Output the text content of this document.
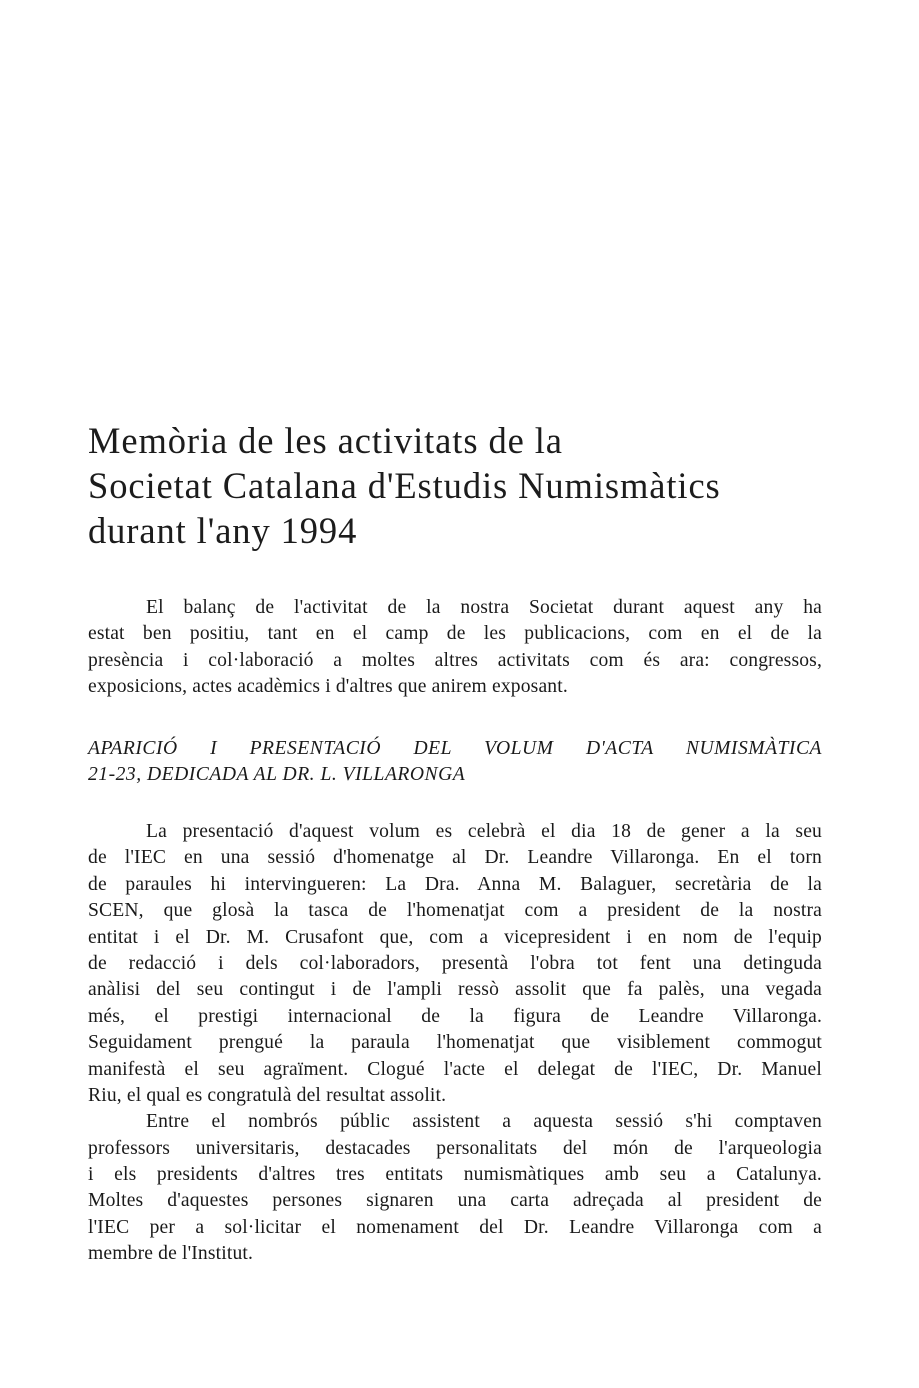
Memòria de les activitats de la
Societat Catalana d'Estudis Numismàtics
durant l'any 1994
El balanç de l'activitat de la nostra Societat durant aquest any ha
estat ben positiu, tant en el camp de les publicacions, com en el de la
presència i col·laboració a moltes altres activitats com és ara: congressos,
exposicions, actes acadèmics i d'altres que anirem exposant.
APARICIÓ I PRESENTACIÓ DEL VOLUM D'ACTA NUMISMÀTICA
21-23, DEDICADA AL DR. L. VILLARONGA
La presentació d'aquest volum es celebrà el dia 18 de gener a la seu
de l'IEC en una sessió d'homenatge al Dr. Leandre Villaronga. En el torn
de paraules hi intervingueren: La Dra. Anna M. Balaguer, secretària de la
SCEN, que glosà la tasca de l'homenatjat com a president de la nostra
entitat i el Dr. M. Crusafont que, com a vicepresident i en nom de l'equip
de redacció i dels col·laboradors, presentà l'obra tot fent una detinguda
anàlisi del seu contingut i de l'ampli ressò assolit que fa palès, una vegada
més, el prestigi internacional de la figura de Leandre Villaronga.
Seguidament prengué la paraula l'homenatjat que visiblement commogut
manifestà el seu agraïment. Clogué l'acte el delegat de l'IEC, Dr. Manuel
Riu, el qual es congratulà del resultat assolit.
Entre el nombrós públic assistent a aquesta sessió s'hi comptaven
professors universitaris, destacades personalitats del món de l'arqueologia
i els presidents d'altres tres entitats numismàtiques amb seu a Catalunya.
Moltes d'aquestes persones signaren una carta adreçada al president de
l'IEC per a sol·licitar el nomenament del Dr. Leandre Villaronga com a
membre de l'Institut.
